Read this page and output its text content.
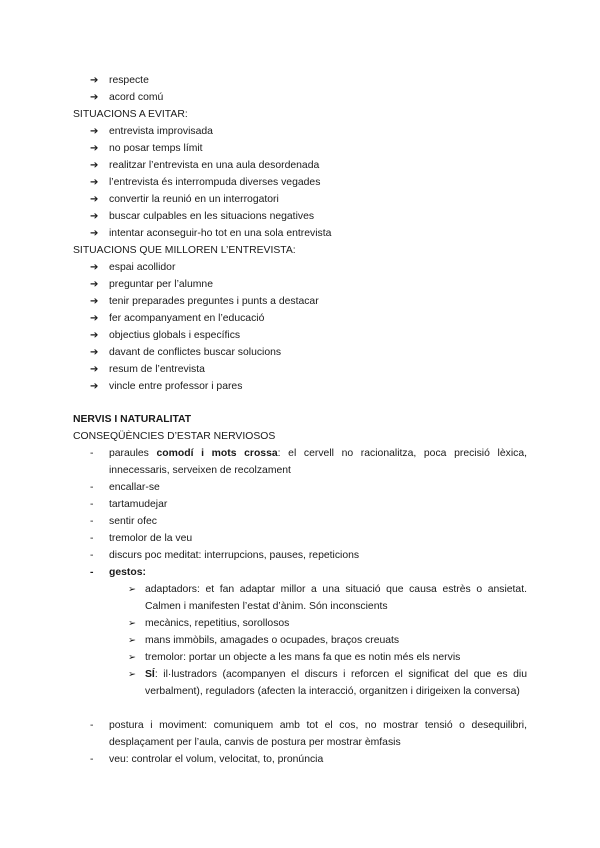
➔ respecte
➔ acord comú
SITUACIONS A EVITAR:
➔ entrevista improvisada
➔ no posar temps límit
➔ realitzar l’entrevista en una aula desordenada
➔ l’entrevista és interrompuda diverses vegades
➔ convertir la reunió en un interrogatori
➔ buscar culpables en les situacions negatives
➔ intentar aconseguir-ho tot en una sola entrevista
SITUACIONS QUE MILLOREN L’ENTREVISTA:
➔ espai acollidor
➔ preguntar per l’alumne
➔ tenir preparades preguntes i punts a destacar
➔ fer acompanyament en l’educació
➔ objectius globals i específics
➔ davant de conflictes buscar solucions
➔ resum de l’entrevista
➔ vincle entre professor i pares
NERVIS I NATURALITAT
CONSEQÜÈNCIES D’ESTAR NERVIOSOS
-	paraules comodí i mots crossa: el cervell no racionalitza, poca precisió lèxica, innecessaris, serveixen de recolzament
- encallar-se
- tartamudejar
- sentir ofec
- tremolor de la veu
- discurs poc meditat: interrupcions, pauses, repeticions
- gestos:
➢ adaptadors: et fan adaptar millor a una situació que causa estrès o ansietat. Calmen i manifesten l’estat d’ànim. Són inconscients
➢ mecànics, repetitius, sorollosos
➢ mans immòbils, amagades o ocupades, braços creuats
➢ tremolor: portar un objecte a les mans fa que es notin més els nervis
➢ SÍ: il·lustradors (acompanyen el discurs i reforcen el significat del que es diu verbalment), reguladors (afecten la interacció, organitzen i dirigeixen la conversa)
-	postura i moviment: comuniquem amb tot el cos, no mostrar tensió o desequilibri, desplaçament per l’aula, canvis de postura per mostrar èmfasis
- veu: controlar el volum, velocitat, to, pronúncia
